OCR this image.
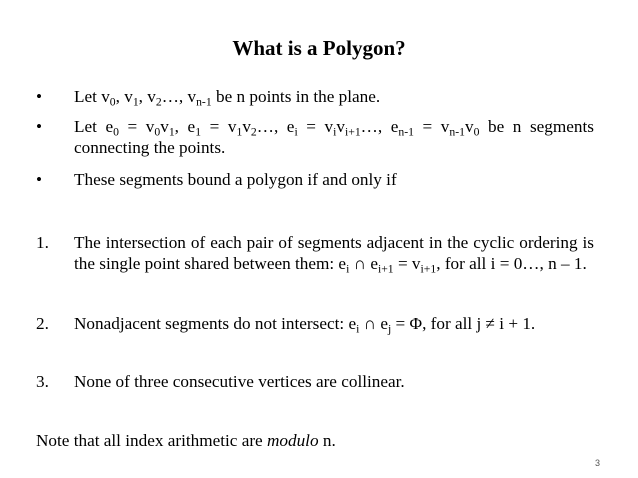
What is a Polygon?
• Let $v_0$, $v_1$, $v_2\dots$, $v_{n-1}$ be n points in the plane.
• Let $e_0 = v_0v_1$, $e_1$ = $v_1v_2\dots$, $e_i$ = $v_iv_{i+1}\dots$, $e_{n-1} = v_{n-1}v_0$ be n segments connecting the points.
• These segments bound a polygon if and only if
1. The intersection of each pair of segments adjacent in the cyclic ordering is the single point shared between them: $e_i$ ∩ $e_{i+1} = v_{i+1}$, for all i = 0…, n – 1.
2. Nonadjacent segments do not intersect: $e_i$ ∩ $e_j = \Phi$, for all j ≠ i + 1.
3. None of three consecutive vertices are collinear.
Note that all index arithmetic are modulo n.
3
